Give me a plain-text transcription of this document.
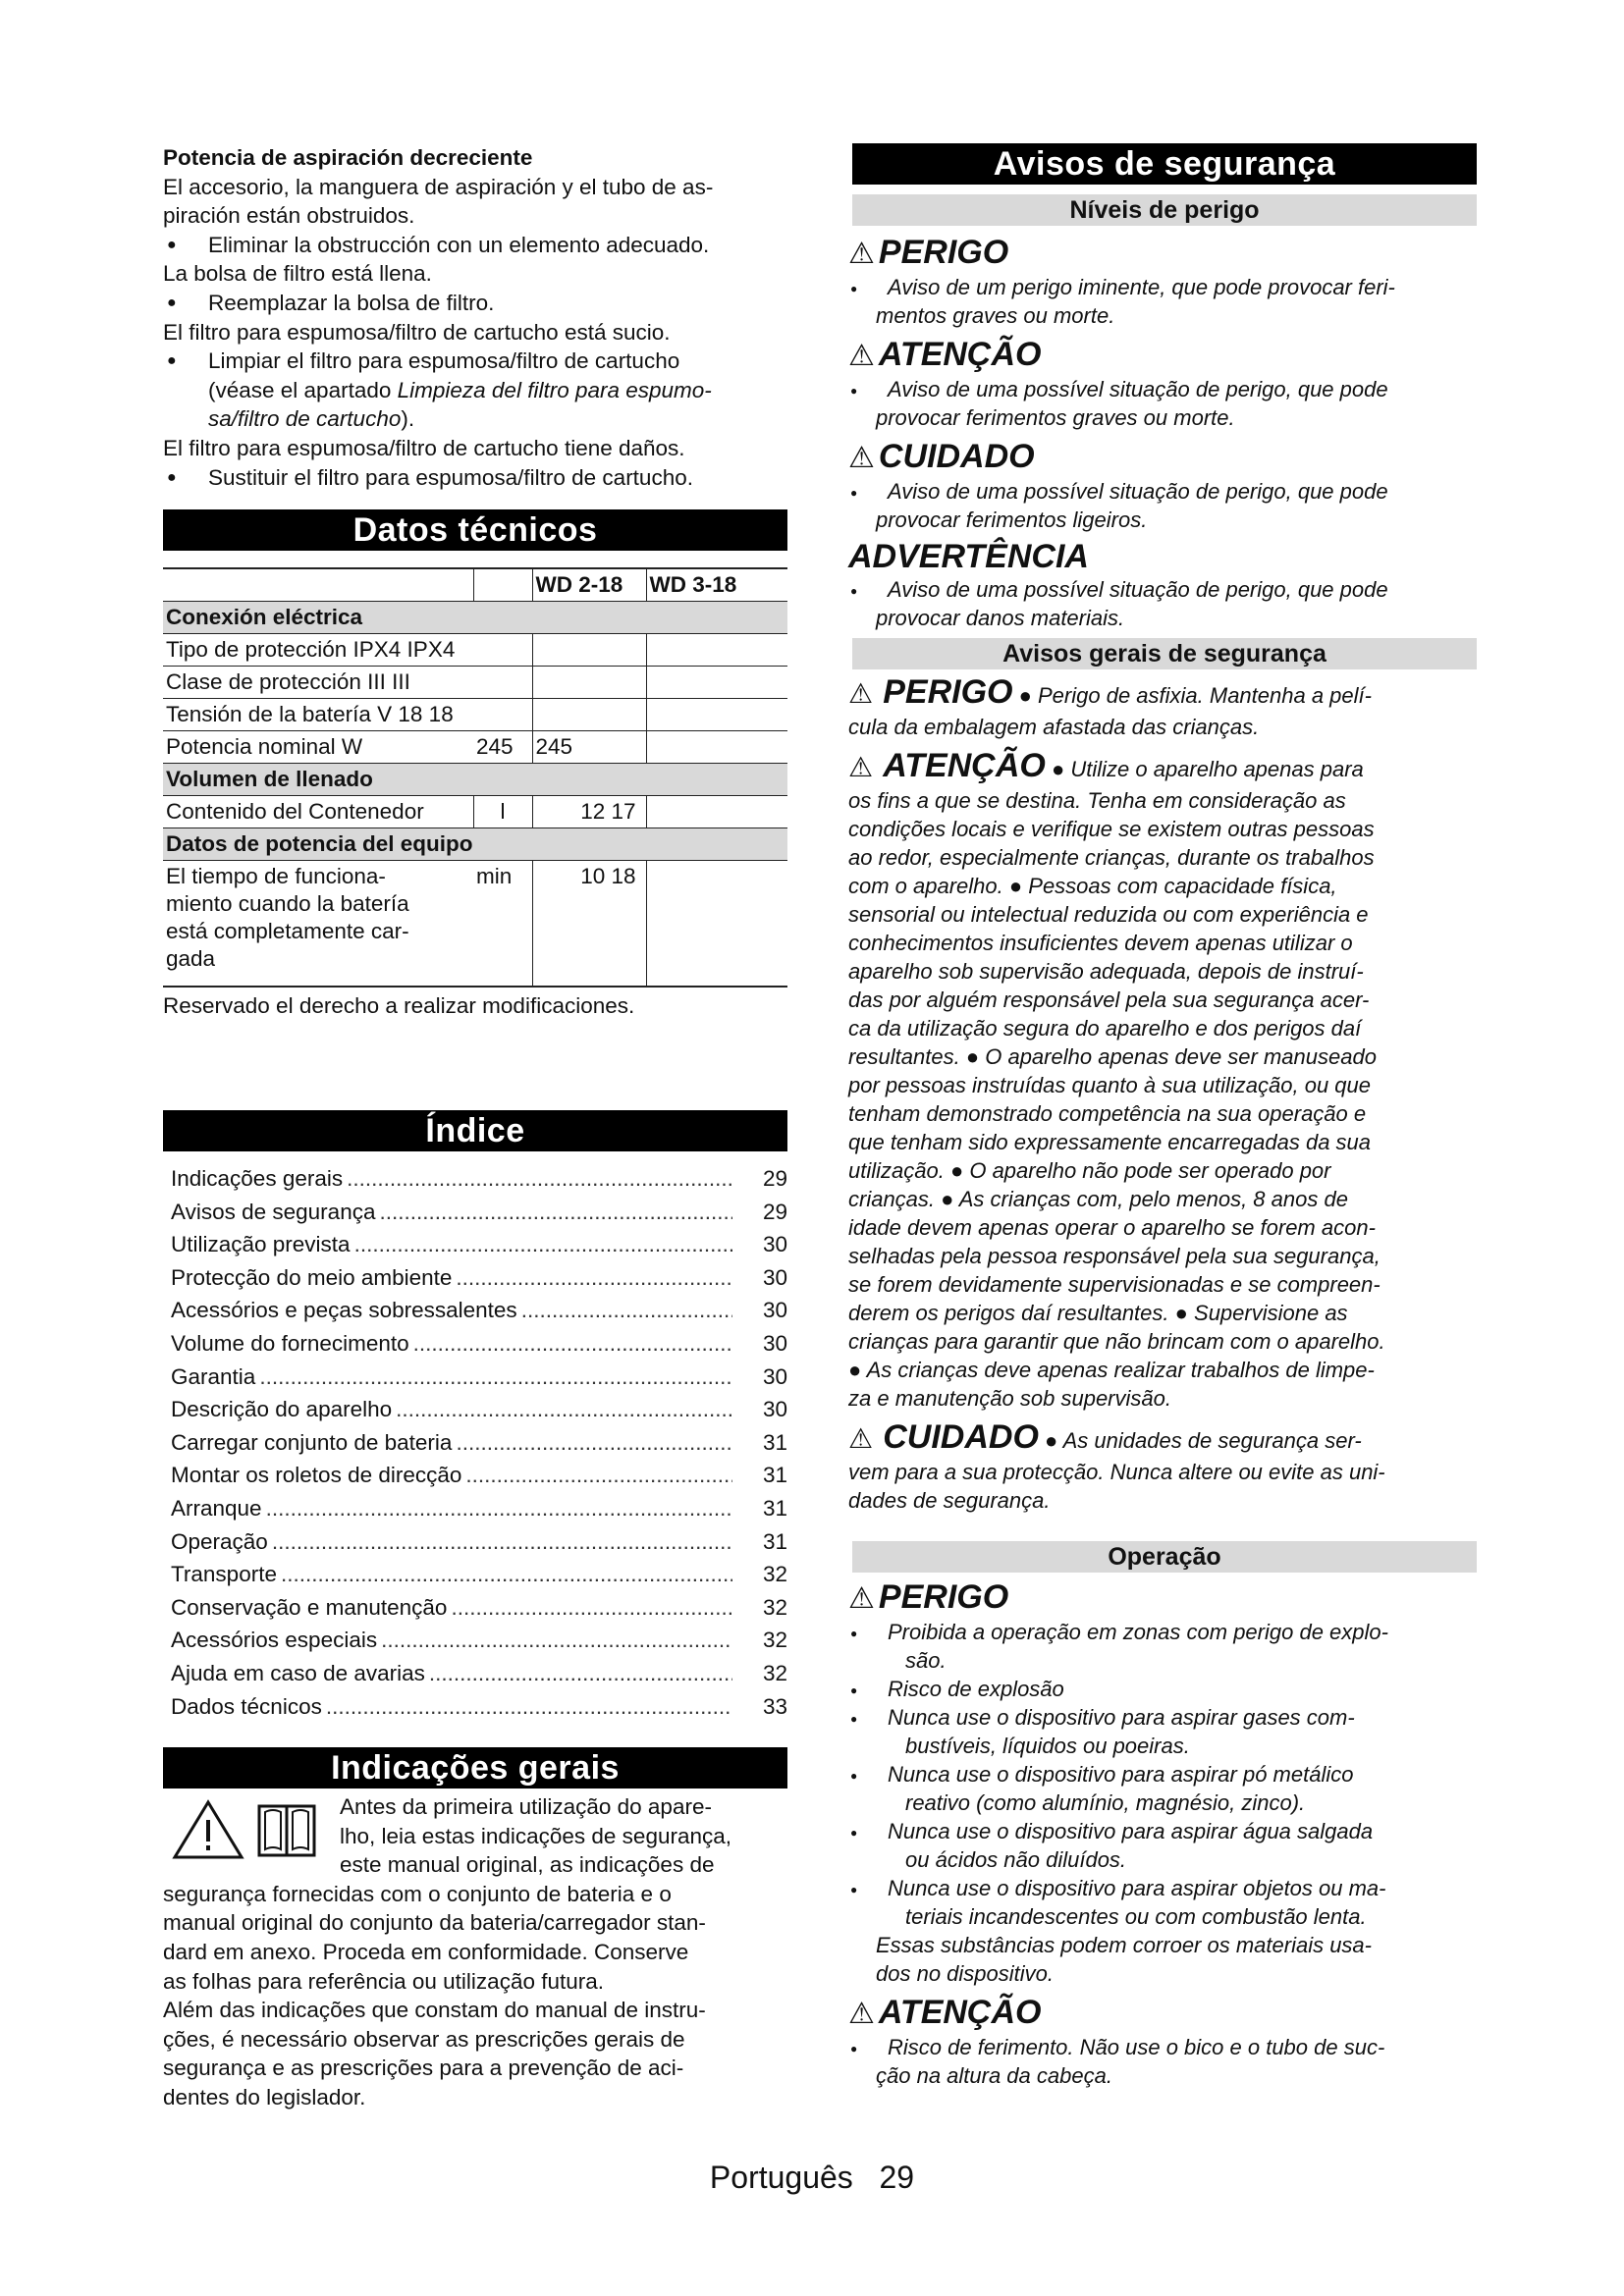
Potencia de aspiración decreciente

El accesorio, la manguera de aspiración y el tubo de as-

piración están obstruidos.

● Eliminar la obstrucción con un elemento adecuado.

La bolsa de filtro está llena.

● Reemplazar la bolsa de filtro.

El filtro para espumosa/filtro de cartucho está sucio.

● Limpiar el filtro para espumosa/filtro de cartucho

(véase el apartado Limpieza del filtro para espumo-

sa/filtro de cartucho).

El filtro para espumosa/filtro de cartucho tiene daños.

● Sustituir el filtro para espumosa/filtro de cartucho.

Datos técnicos
		WD 2-18	WD 3-18
Conexión eléctrica			
Tipo de protección IPX4 IPX4			
Clase de protección III III			
Tensión de la batería V 18 18			
Potencia nominal W	245	245	
Volumen de llenado			
Contenido del Contenedor	l	12 17	
Datos de potencia del equipo			
El tiempo de funciona-
miento cuando la batería
está completamente car-
gada	min	10 18	

Reservado el derecho a realizar modificaciones.

Índice
Indicações gerais .....	29
Avisos de segurança .....	29
Utilização prevista .....	30
Protecção do meio ambiente .....	30
Acessórios e peças sobressalentes .....	30
Volume do fornecimento .....	30
Garantia .....	30
Descrição do aparelho .....	30
Carregar conjunto de bateria .....	31
Montar os roletos de direcção .....	31
Arranque .....	31
Operação .....	31
Transporte .....	32
Conservação e manutenção .....	32
Acessórios especiais .....	32
Ajuda em caso de avarias .....	32
Dados técnicos .....	33
Indicações gerais

Antes da primeira utilização do apare-

lho, leia estas indicações de segurança,

este manual original, as indicações de

segurança fornecidas com o conjunto de bateria e o

manual original do conjunto da bateria/carregador stan-

dard em anexo. Proceda em conformidade. Conserve

as folhas para referência ou utilização futura.

Além das indicações que constam do manual de instru-

ções, é necessário observar as prescrições gerais de

segurança e as prescrições para a prevenção de aci-

dentes do legislador.

Avisos de segurança
Níveis de perigo

⚠ PERIGO

● Aviso de um perigo iminente, que pode provocar feri-

mentos graves ou morte.

⚠ ATENÇÃO

● Aviso de uma possível situação de perigo, que pode

provocar ferimentos graves ou morte.

⚠ CUIDADO

● Aviso de uma possível situação de perigo, que pode

provocar ferimentos ligeiros.

ADVERTÊNCIA

● Aviso de uma possível situação de perigo, que pode

provocar danos materiais.

Avisos gerais de segurança

⚠ PERIGO ● Perigo de asfixia. Mantenha a pelí-

cula da embalagem afastada das crianças.

⚠ ATENÇÃO ● Utilize o aparelho apenas para

os fins a que se destina. Tenha em consideração as

condições locais e verifique se existem outras pessoas

ao redor, especialmente crianças, durante os trabalhos

com o aparelho. ● Pessoas com capacidade física,

sensorial ou intelectual reduzida ou com experiência e

conhecimentos insuficientes devem apenas utilizar o

aparelho sob supervisão adequada, depois de instruí-

das por alguém responsável pela sua segurança acer-

ca da utilização segura do aparelho e dos perigos daí

resultantes. ● O aparelho apenas deve ser manuseado

por pessoas instruídas quanto à sua utilização, ou que

tenham demonstrado competência na sua operação e

que tenham sido expressamente encarregadas da sua

utilização. ● O aparelho não pode ser operado por

crianças. ● As crianças com, pelo menos, 8 anos de

idade devem apenas operar o aparelho se forem acon-

selhadas pela pessoa responsável pela sua segurança,

se forem devidamente supervisionadas e se compreen-

derem os perigos daí resultantes. ● Supervisione as

crianças para garantir que não brincam com o aparelho.

● As crianças deve apenas realizar trabalhos de limpe-

za e manutenção sob supervisão.

⚠ CUIDADO ● As unidades de segurança ser-

vem para a sua protecção. Nunca altere ou evite as uni-

dades de segurança.

Operação

⚠ PERIGO

● Proibida a operação em zonas com perigo de explo-

são.

● Risco de explosão

● Nunca use o dispositivo para aspirar gases com-

bustíveis, líquidos ou poeiras.

● Nunca use o dispositivo para aspirar pó metálico

reativo (como alumínio, magnésio, zinco).

● Nunca use o dispositivo para aspirar água salgada

ou ácidos não diluídos.

● Nunca use o dispositivo para aspirar objetos ou ma-

teriais incandescentes ou com combustão lenta.

Essas substâncias podem corroer os materiais usa-

dos no dispositivo.

⚠ ATENÇÃO

● Risco de ferimento. Não use o bico e o tubo de suc-

ção na altura da cabeça.

Português 29
